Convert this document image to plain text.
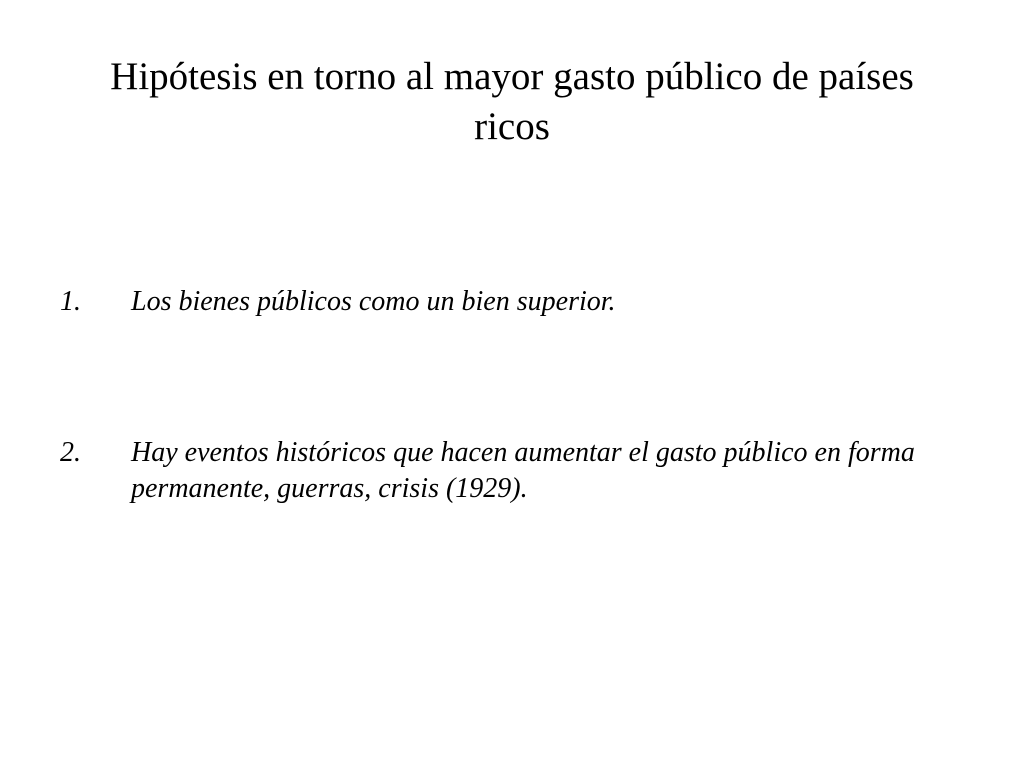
Hipótesis en torno al mayor gasto público de países ricos
1.	Los bienes públicos como un bien superior.
2.	Hay eventos históricos que hacen aumentar el gasto público en forma permanente, guerras, crisis (1929).
